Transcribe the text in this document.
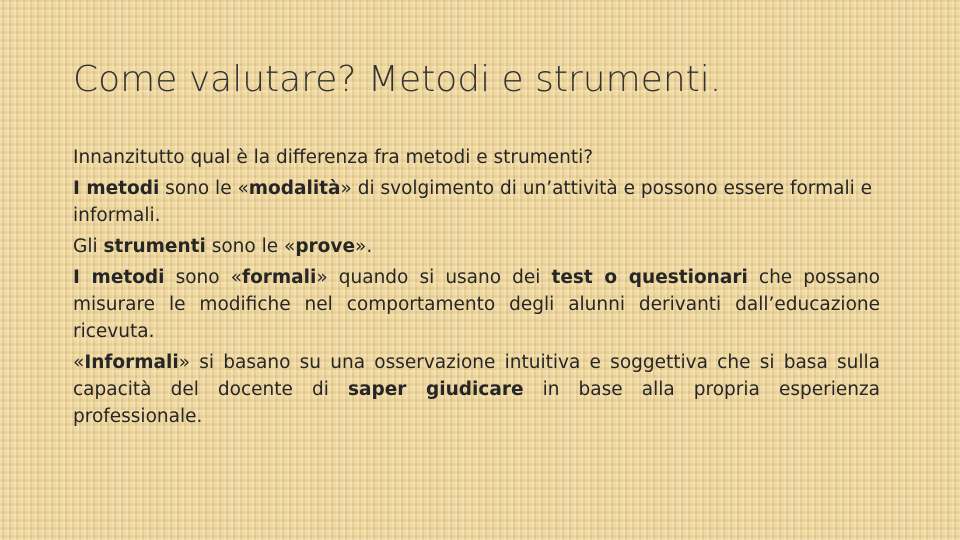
Come valutare? Metodi e strumenti.

Innanzitutto qual è la differenza fra metodi e strumenti?

I metodi sono le «modalità» di svolgimento di un’attività e possono essere formali e informali.

Gli strumenti sono le «prove».

I metodi sono «formali» quando si usano dei test o questionari che possano misurare le modifiche nel comportamento degli alunni derivanti dall’educazione ricevuta.

«Informali» si basano su una osservazione intuitiva e soggettiva che si basa sulla capacità del docente di saper giudicare in base alla propria esperienza professionale.
